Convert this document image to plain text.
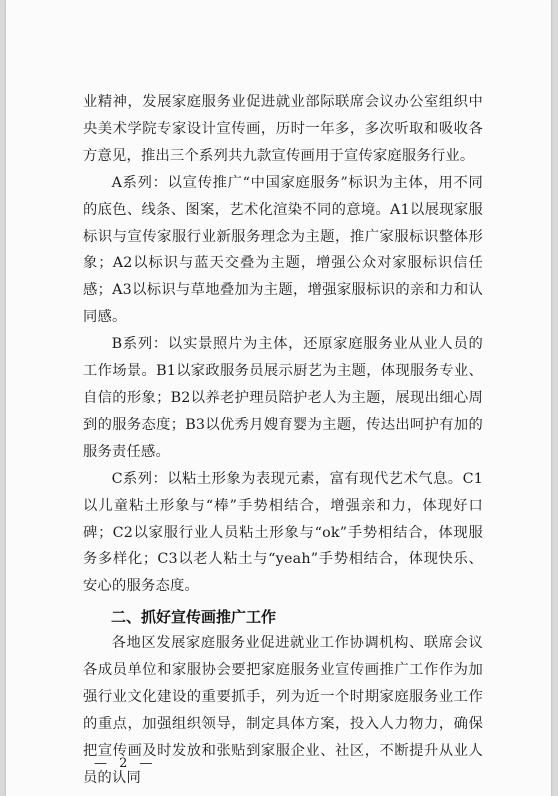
业精神，发展家庭服务业促进就业部际联席会议办公室组织中央美术学院专家设计宣传画，历时一年多，多次听取和吸收各方意见，推出三个系列共九款宣传画用于宣传家庭服务行业。

A系列：以宣传推广“中国家庭服务”标识为主体，用不同的底色、线条、图案，艺术化渲染不同的意境。A1以展现家服标识与宣传家服行业新服务理念为主题，推广家服标识整体形象；A2以标识与蓝天交叠为主题，增强公众对家服标识信任感；A3以标识与草地叠加为主题，增强家服标识的亲和力和认同感。

B系列：以实景照片为主体，还原家庭服务业从业人员的工作场景。B1以家政服务员展示厨艺为主题，体现服务专业、自信的形象；B2以养老护理员陪护老人为主题，展现出细心周到的服务态度；B3以优秀月嫂育婴为主题，传达出呵护有加的服务责任感。

C系列：以粘土形象为表现元素，富有现代艺术气息。C1以儿童粘土形象与“棒”手势相结合，增强亲和力，体现好口碑；C2以家服行业人员粘土形象与“ok”手势相结合，体现服务多样化；C3以老人粘土与“yeah”手势相结合，体现快乐、安心的服务态度。

二、抓好宣传画推广工作

各地区发展家庭服务业促进就业工作协调机构、联席会议各成员单位和家服协会要把家庭服务业宣传画推广工作作为加强行业文化建设的重要抓手，列为近一个时期家庭服务业工作的重点，加强组织领导，制定具体方案，投入人力物力，确保把宣传画及时发放和张贴到家服企业、社区，不断提升从业人员的认同

— 2 —
